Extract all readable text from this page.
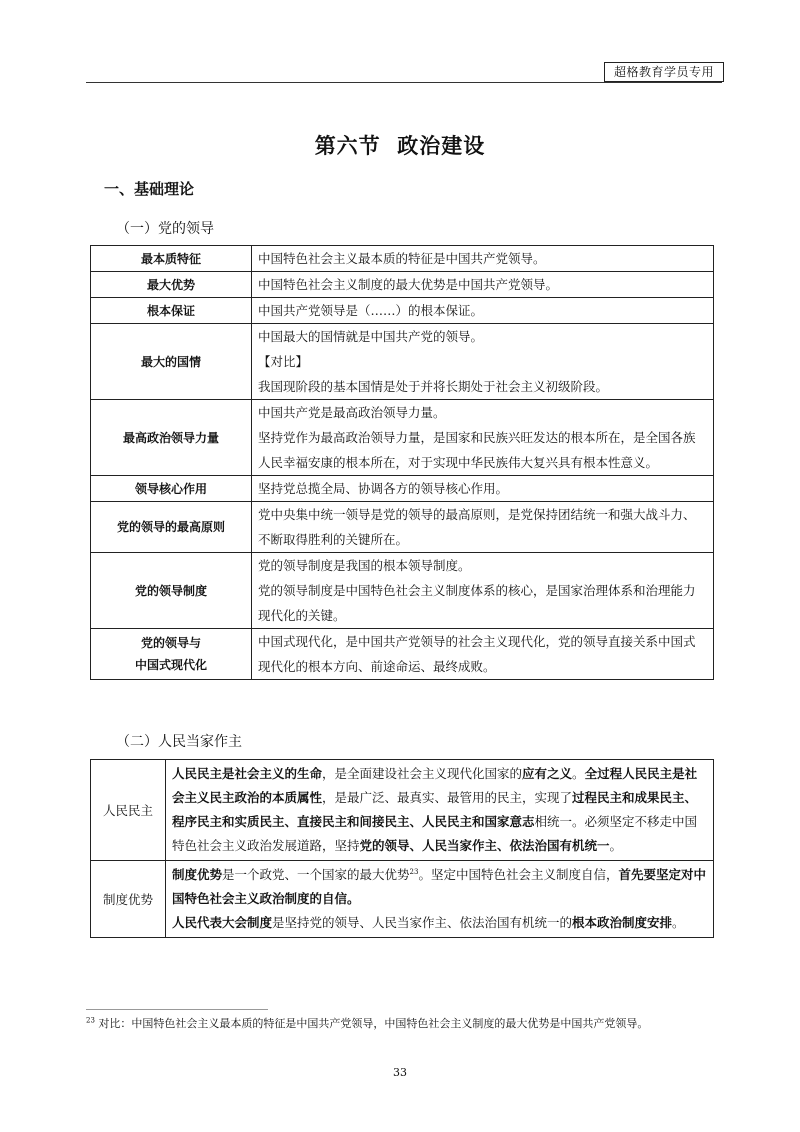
超格教育学员专用
第六节  政治建设
一、基础理论
（一）党的领导
最本质特征	中国特色社会主义最本质的特征是中国共产党领导。

最大优势	中国特色社会主义制度的最大优势是中国共产党领导。

根本保证	中国共产党领导是（……）的根本保证。

最大的国情	中国最大的国情就是中国共产党的领导。
【对比】
我国现阶段的基本国情是处于并将长期处于社会主义初级阶段。

最高政治领导力量	中国共产党是最高政治领导力量。
坚持党作为最高政治领导力量，是国家和民族兴旺发达的根本所在，是全国各族人民幸福安康的根本所在，对于实现中华民族伟大复兴具有根本性意义。

领导核心作用	坚持党总揽全局、协调各方的领导核心作用。

党的领导的最高原则	党中央集中统一领导是党的领导的最高原则，是党保持团结统一和强大战斗力、不断取得胜利的关键所在。

党的领导制度	党的领导制度是我国的根本领导制度。
党的领导制度是中国特色社会主义制度体系的核心，是国家治理体系和治理能力现代化的关键。

党的领导与
中国式现代化	中国式现代化，是中国共产党领导的社会主义现代化，党的领导直接关系中国式现代化的根本方向、前途命运、最终成败。
（二）人民当家作主
人民民主	人民民主是社会主义的生命，是全面建设社会主义现代化国家的应有之义。全过程人民民主是社会主义民主政治的本质属性，是最广泛、最真实、最管用的民主，实现了过程民主和成果民主、程序民主和实质民主、直接民主和间接民主、人民民主和国家意志相统一。必须坚定不移走中国特色社会主义政治发展道路，坚持党的领导、人民当家作主、依法治国有机统一。
制度优势	制度优势是一个政党、一个国家的最大优势$^{23}$。坚定中国特色社会主义制度自信，首先要坚定对中国特色社会主义政治制度的自信。
人民代表大会制度是坚持党的领导、人民当家作主、依法治国有机统一的根本政治制度安排。
$^{23}$ 对比：中国特色社会主义最本质的特征是中国共产党领导，中国特色社会主义制度的最大优势是中国共产党领导。
33
